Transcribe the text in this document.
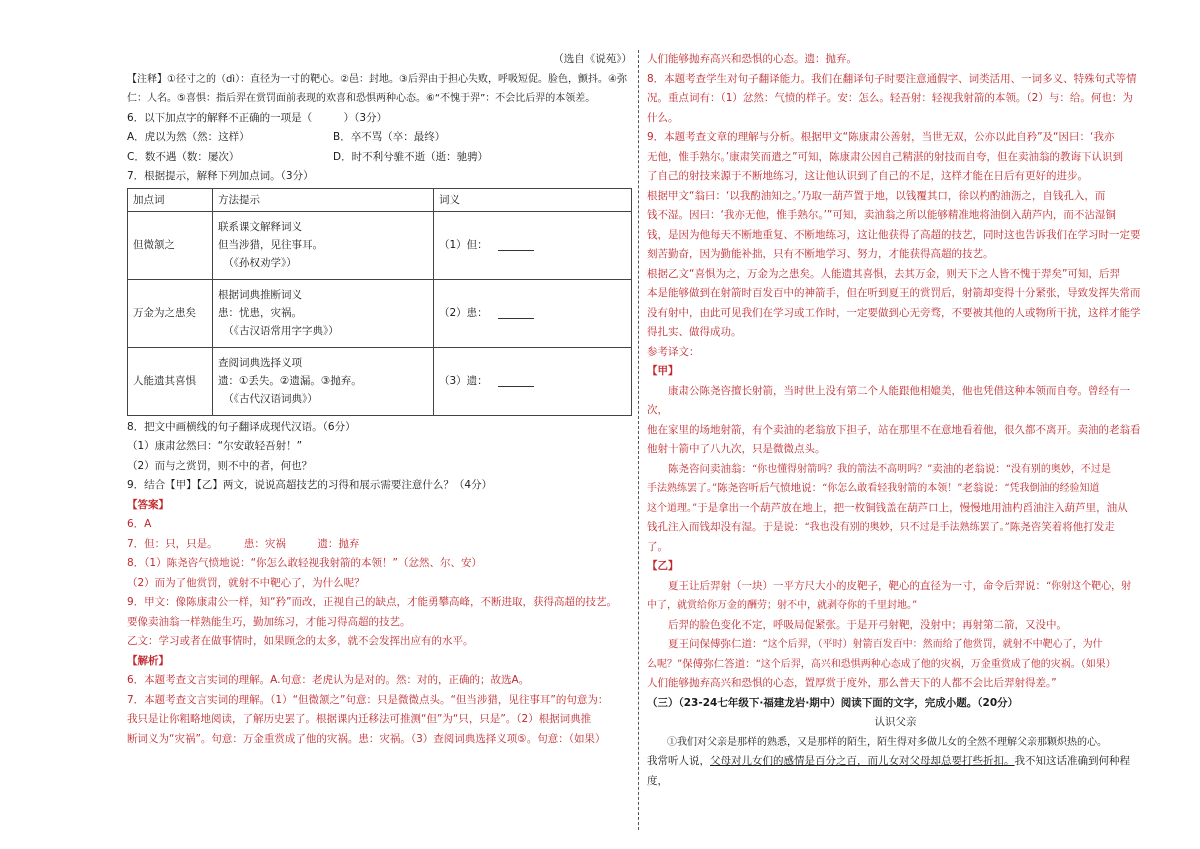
（选自《说苑》）

【注释】①径寸之的（dì）：直径为一寸的靶心。②邑：封地。③后羿由于担心失败，呼吸短促。脸色，颤抖。④弥

仁：人名。⑤喜惧：指后羿在赏罚面前表现的欢喜和恐惧两种心态。⑥“不愧于羿”：不会比后羿的本领差。

6．以下加点字的解释不正确的一项是（　　　）（3分）

A．虎以为然（然：这样）	B．卒不骂（卒：最终）

C．数不遇（数：屡次）	D．时不利兮骓不逝（逝：驰骋）

7．根据提示，解释下列加点词。（3分）

加点词	方法提示	词义
但微颔之	联系课文解释词义
但当涉猎，见往事耳。
（《孙权劝学》）	（1）但：
万金为之患矣	根据词典推断词义
患：忧患，灾祸。
（《古汉语常用字字典》）	（2）患：
人能遗其喜惧	查阅词典选择义项
遗：①丢失。②遗漏。③抛弃。
（《古代汉语词典》）	（3）遗：

8．把文中画横线的句子翻译成现代汉语。（6分）

（1）康肃忿然曰：“尔安敢轻吾射！”

（2）而与之赏罚，则不中的者，何也？

9．结合【甲】【乙】两文，说说高超技艺的习得和展示需要注意什么？（4分）

【答案】

6．A

7．但：只，只是。　　　患：灾祸　　　遗：抛弃

8．（1）陈尧咨气愤地说：“你怎么敢轻视我射箭的本领！”（忿然、尔、安）

（2）而为了他赏罚，就射不中靶心了，为什么呢？

9．甲文：像陈康肃公一样，知“矜”而改，正视自己的缺点，才能勇攀高峰，不断进取，获得高超的技艺。

要像卖油翁一样熟能生巧，勤加练习，才能习得高超的技艺。

乙文：学习或者在做事情时，如果顾念的太多，就不会发挥出应有的水平。

【解析】

6．本题考查文言实词的理解。A.句意：老虎认为是对的。然：对的，正确的；故选A。

7．本题考查文言实词的理解。（1）“但微颔之”句意：只是微微点头。“但当涉猎，见往事耳”的句意为：

我只是让你粗略地阅读，了解历史罢了。根据课内迁移法可推测“但”为“只，只是”。（2）根据词典推

断词义为“灾祸”。句意：万金重赏成了他的灾祸。患：灾祸。（3）查阅词典选择义项⑤。句意：（如果）

人们能够抛弃高兴和恐惧的心态。遗：抛弃。

8．本题考查学生对句子翻译能力。我们在翻译句子时要注意通假字、词类活用、一词多义、特殊句式等情

况。重点词有：（1）忿然：气愤的样子。安：怎么。轻吾射：轻视我射箭的本领。（2）与：给。何也：为

什么。

9．本题考查文章的理解与分析。根据甲文“陈康肃公善射，当世无双，公亦以此自矜”及“因曰：‘我亦

无他，惟手熟尔。’康肃笑而遣之”可知，陈康肃公因自己精湛的射技而自夸，但在卖油翁的教诲下认识到

了自己的射技来源于不断地练习，这让他认识到了自己的不足，这样才能在日后有更好的进步。

根据甲文“翁曰：‘以我酌油知之。’乃取一葫芦置于地，以钱覆其口，徐以杓酌油沥之，自钱孔入，而

钱不湿。因曰：‘我亦无他，惟手熟尔。’”可知，卖油翁之所以能够精准地将油倒入葫芦内，而不沾湿铜

钱，是因为他每天不断地重复、不断地练习，这让他获得了高超的技艺，同时这也告诉我们在学习时一定要

刻苦勤奋，因为勤能补拙，只有不断地学习、努力，才能获得高超的技艺。

根据乙文“喜惧为之，万金为之患矣。人能遗其喜惧，去其万金，则天下之人皆不愧于羿矣”可知，后羿

本是能够做到在射箭时百发百中的神箭手，但在听到夏王的赏罚后，射箭却变得十分紧张，导致发挥失常而

没有射中，由此可见我们在学习或工作时，一定要做到心无旁骛，不要被其他的人或物所干扰，这样才能学

得扎实、做得成功。

参考译文：

【甲】

康肃公陈尧咨擅长射箭，当时世上没有第二个人能跟他相媲美，他也凭借这种本领而自夸。曾经有一次，

他在家里的场地射箭，有个卖油的老翁放下担子，站在那里不在意地看着他，很久都不离开。卖油的老翁看

他射十箭中了八九次，只是微微点头。

陈尧咨问卖油翁：“你也懂得射箭吗？我的箭法不高明吗？”卖油的老翁说：“没有别的奥妙，不过是

手法熟练罢了。”陈尧咨听后气愤地说：“你怎么敢看轻我射箭的本领！”老翁说：“凭我倒油的经验知道

这个道理。”于是拿出一个葫芦放在地上，把一枚铜钱盖在葫芦口上，慢慢地用油杓舀油注入葫芦里，油从

钱孔注入而钱却没有湿。于是说：“我也没有别的奥妙，只不过是手法熟练罢了。”陈尧咨笑着将他打发走

了。

【乙】

夏王让后羿射（一块）一平方尺大小的皮靶子，靶心的直径为一寸，命令后羿说：“你射这个靶心，射

中了，就赏给你万金的酬劳；射不中，就剥夺你的千里封地。”

后羿的脸色变化不定，呼吸局促紧张。于是开弓射靶，没射中；再射第二箭，又没中。

夏王问保傅弥仁道：“这个后羿，（平时）射箭百发百中：然而给了他赏罚，就射不中靶心了，为什

么呢？”保傅弥仁答道：“这个后羿，高兴和恐惧两种心态成了他的灾祸，万金重赏成了他的灾祸。（如果）

人们能够抛弃高兴和恐惧的心态，置厚赏于度外，那么普天下的人都不会比后羿射得差。”

（三）（23-24七年级下·福建龙岩·期中）阅读下面的文字，完成小题。（20分）

认识父亲

①我们对父亲是那样的熟悉，又是那样的陌生，陌生得对多做儿女的全然不理解父亲那颗炽热的心。

我常听人说，父母对儿女们的感情是百分之百，而儿女对父母却总要打些折扣。我不知这话准确到何种程度，
